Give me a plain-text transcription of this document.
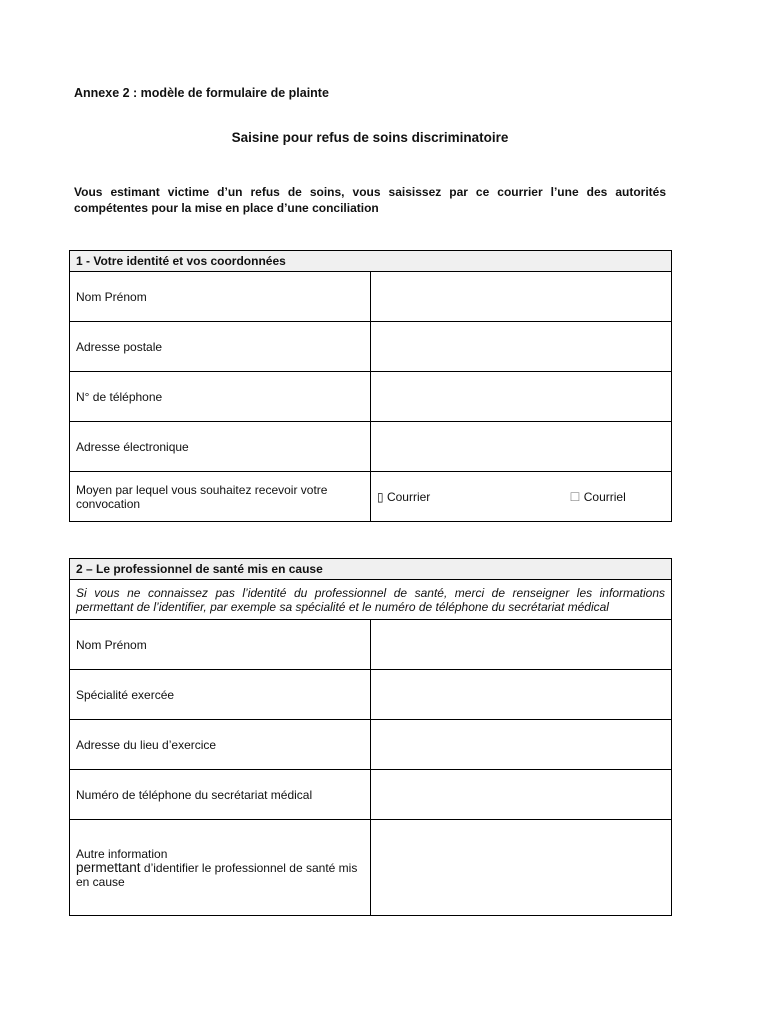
Annexe 2 : modèle de formulaire de plainte
Saisine pour refus de soins discriminatoire
Vous estimant victime d’un refus de soins, vous saisissez par ce courrier l’une des autorités compétentes pour la mise en place d’une conciliation
1 - Votre identité et vos coordonnées	
Nom Prénom	
Adresse postale	
N° de téléphone	
Adresse électronique	
Moyen par lequel vous souhaitez recevoir votre convocation	▯ Courrier ☐ Courriel
2 – Le professionnel de santé mis en cause	
Si vous ne connaissez pas l’identité du professionnel de santé, merci de renseigner les informations permettant de l’identifier, par exemple sa spécialité et le numéro de téléphone du secrétariat médical	
Nom Prénom	
Spécialité exercée	
Adresse du lieu d’exercice	
Numéro de téléphone du secrétariat médical	
Autre information
permettant d’identifier le professionnel de santé mis en cause	
